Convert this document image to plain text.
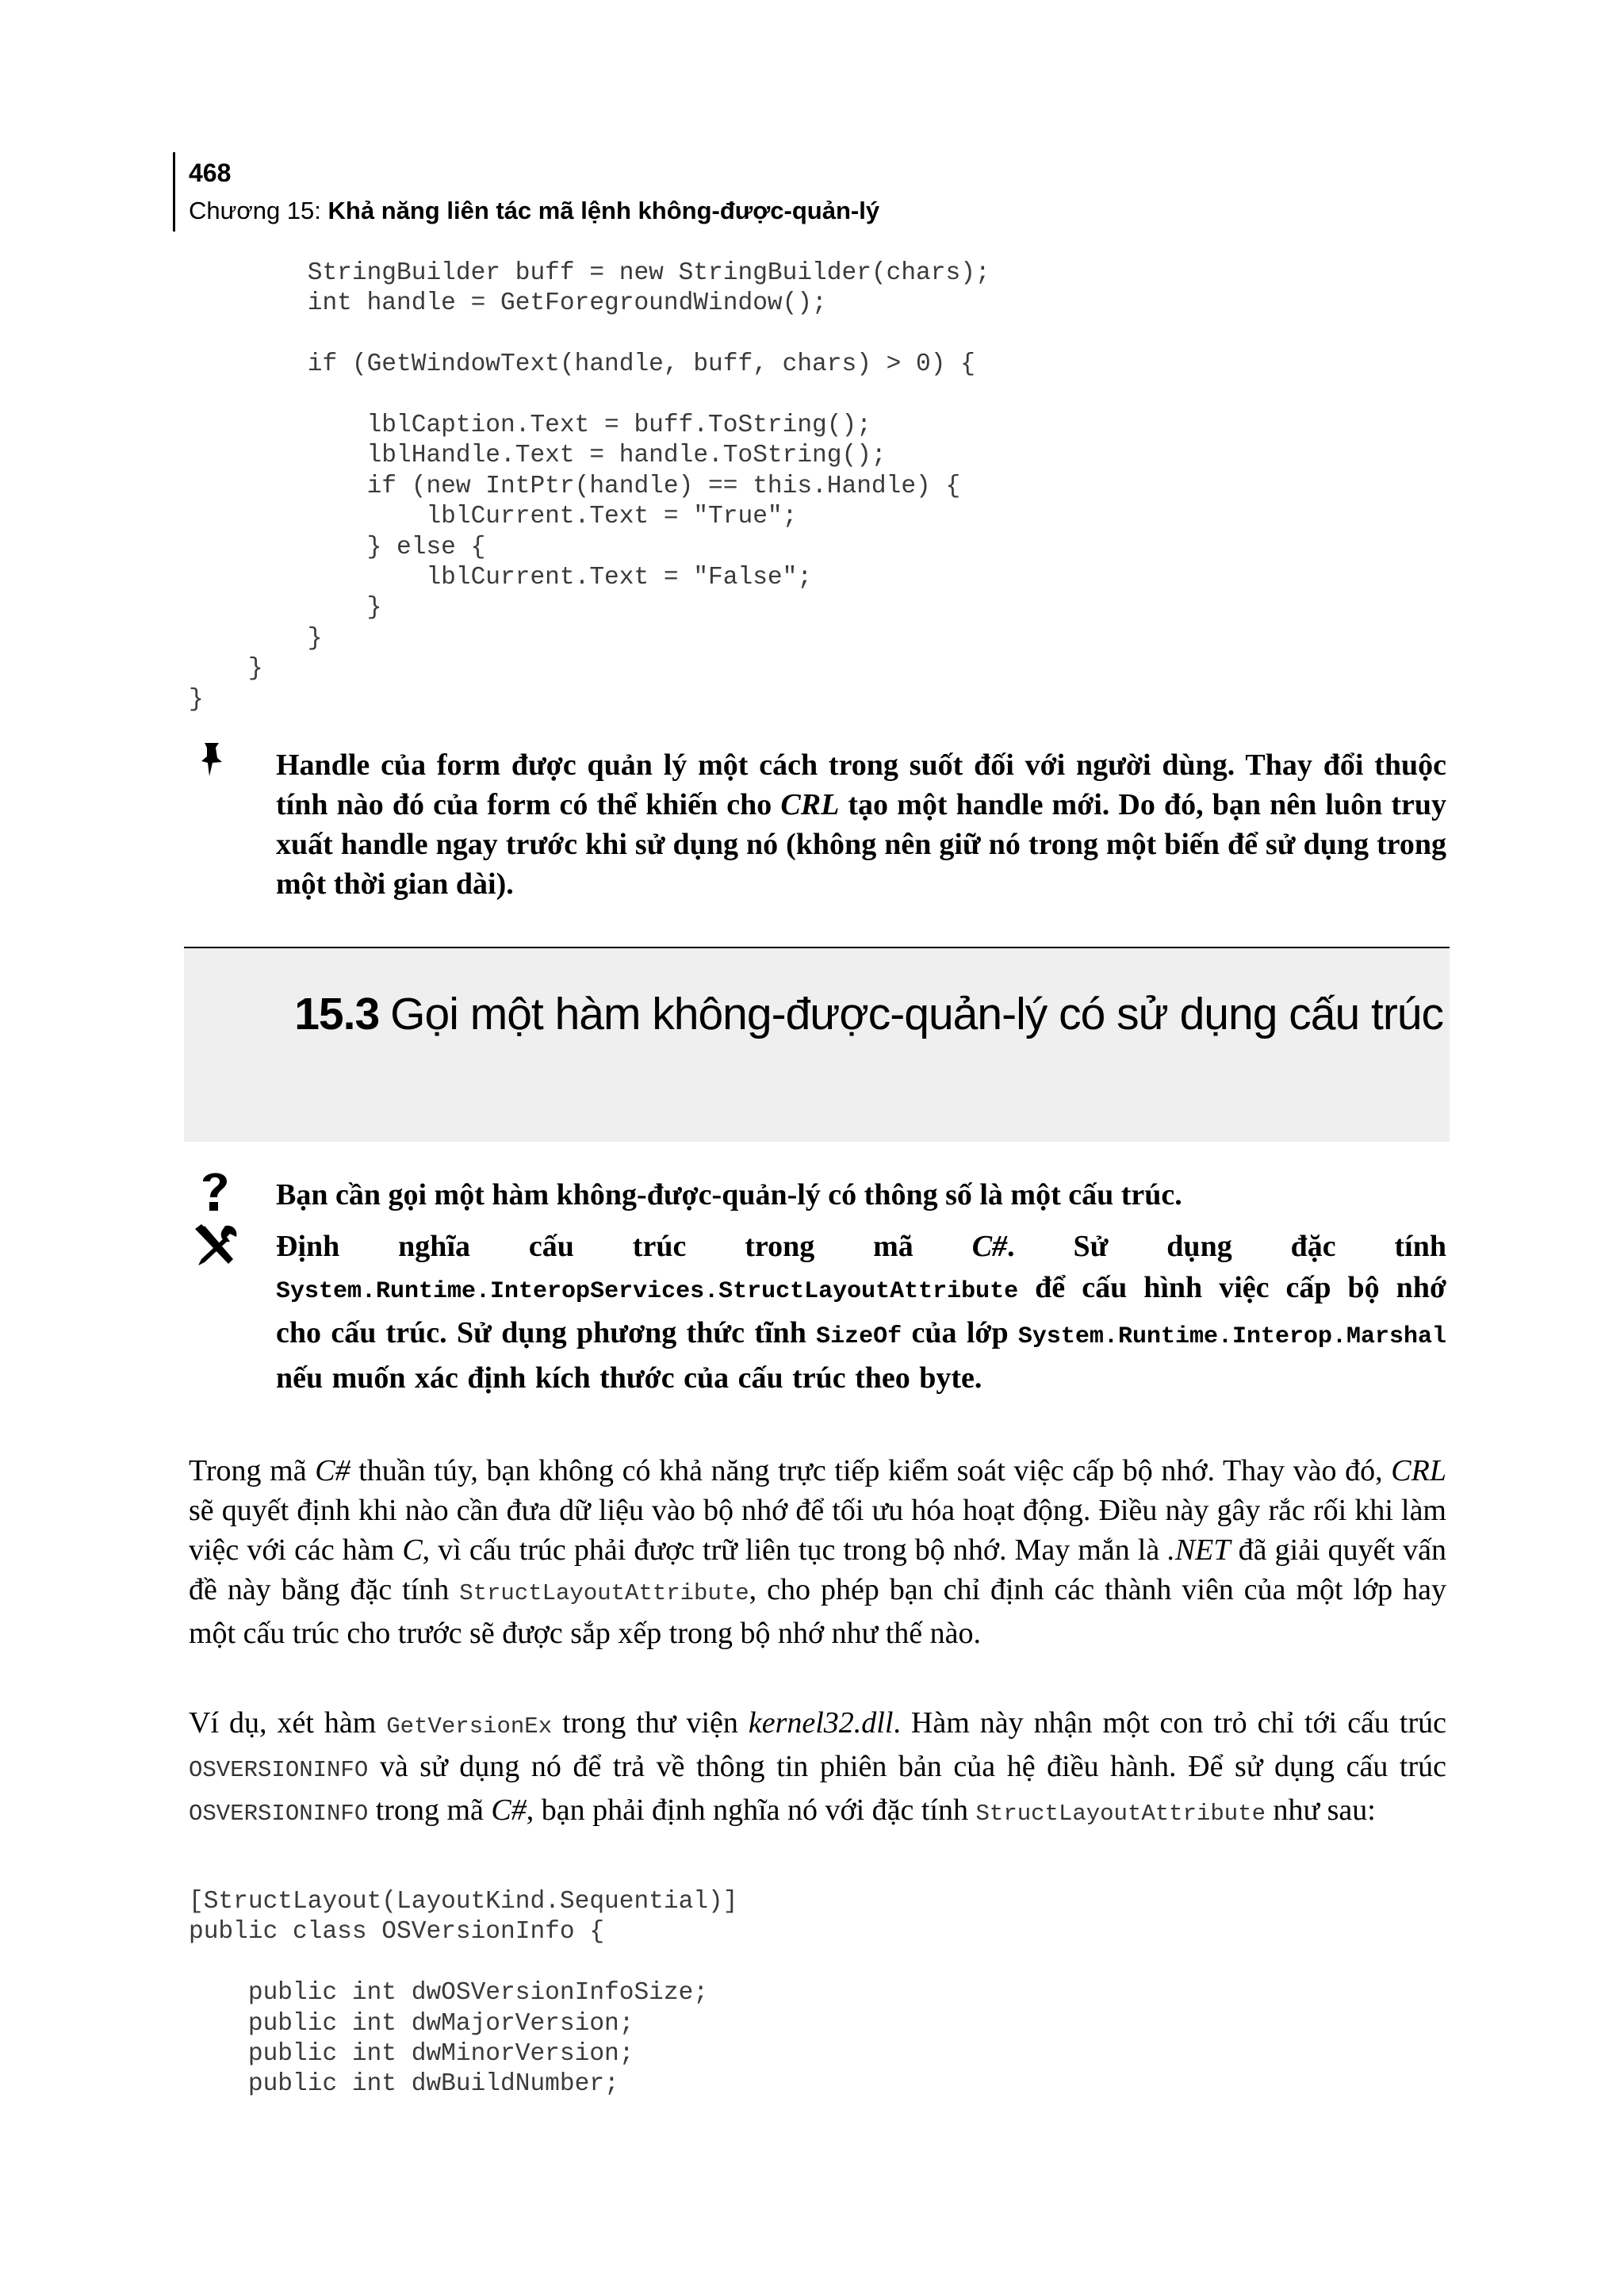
468
Chương 15: Khả năng liên tác mã lệnh không-được-quản-lý
StringBuilder buff = new StringBuilder(chars);
int handle = GetForegroundWindow();

if (GetWindowText(handle, buff, chars) > 0) {

lblCaption.Text = buff.ToString();
lblHandle.Text = handle.ToString();
if (new IntPtr(handle) == this.Handle) {
lblCurrent.Text = "True";
} else {
lblCurrent.Text = "False";
}
}
}
}
Handle của form được quản lý một cách trong suốt đối với người dùng. Thay đổi thuộc tính nào đó của form có thể khiến cho CRL tạo một handle mới. Do đó, bạn nên luôn truy xuất handle ngay trước khi sử dụng nó (không nên giữ nó trong một biến để sử dụng trong một thời gian dài).
15.3 Gọi một hàm không-được-quản-lý có sử dụng cấu trúc
Bạn cần gọi một hàm không-được-quản-lý có thông số là một cấu trúc.
Định nghĩa cấu trúc trong mã C#. Sử dụng đặc tính System.Runtime.InteropServices.StructLayoutAttribute để cấu hình việc cấp bộ nhớ cho cấu trúc. Sử dụng phương thức tĩnh SizeOf của lớp System.Runtime.Interop.Marshal nếu muốn xác định kích thước của cấu trúc theo byte.
Trong mã C# thuần túy, bạn không có khả năng trực tiếp kiểm soát việc cấp bộ nhớ. Thay vào đó, CRL sẽ quyết định khi nào cần đưa dữ liệu vào bộ nhớ để tối ưu hóa hoạt động. Điều này gây rắc rối khi làm việc với các hàm C, vì cấu trúc phải được trữ liên tục trong bộ nhớ. May mắn là .NET đã giải quyết vấn đề này bằng đặc tính StructLayoutAttribute, cho phép bạn chỉ định các thành viên của một lớp hay một cấu trúc cho trước sẽ được sắp xếp trong bộ nhớ như thế nào.
Ví dụ, xét hàm GetVersionEx trong thư viện kernel32.dll. Hàm này nhận một con trỏ chỉ tới cấu trúc OSVERSIONINFO và sử dụng nó để trả về thông tin phiên bản của hệ điều hành. Để sử dụng cấu trúc OSVERSIONINFO trong mã C#, bạn phải định nghĩa nó với đặc tính StructLayoutAttribute như sau:
[StructLayout(LayoutKind.Sequential)]
public class OSVersionInfo {

public int dwOSVersionInfoSize;
public int dwMajorVersion;
public int dwMinorVersion;
public int dwBuildNumber;
